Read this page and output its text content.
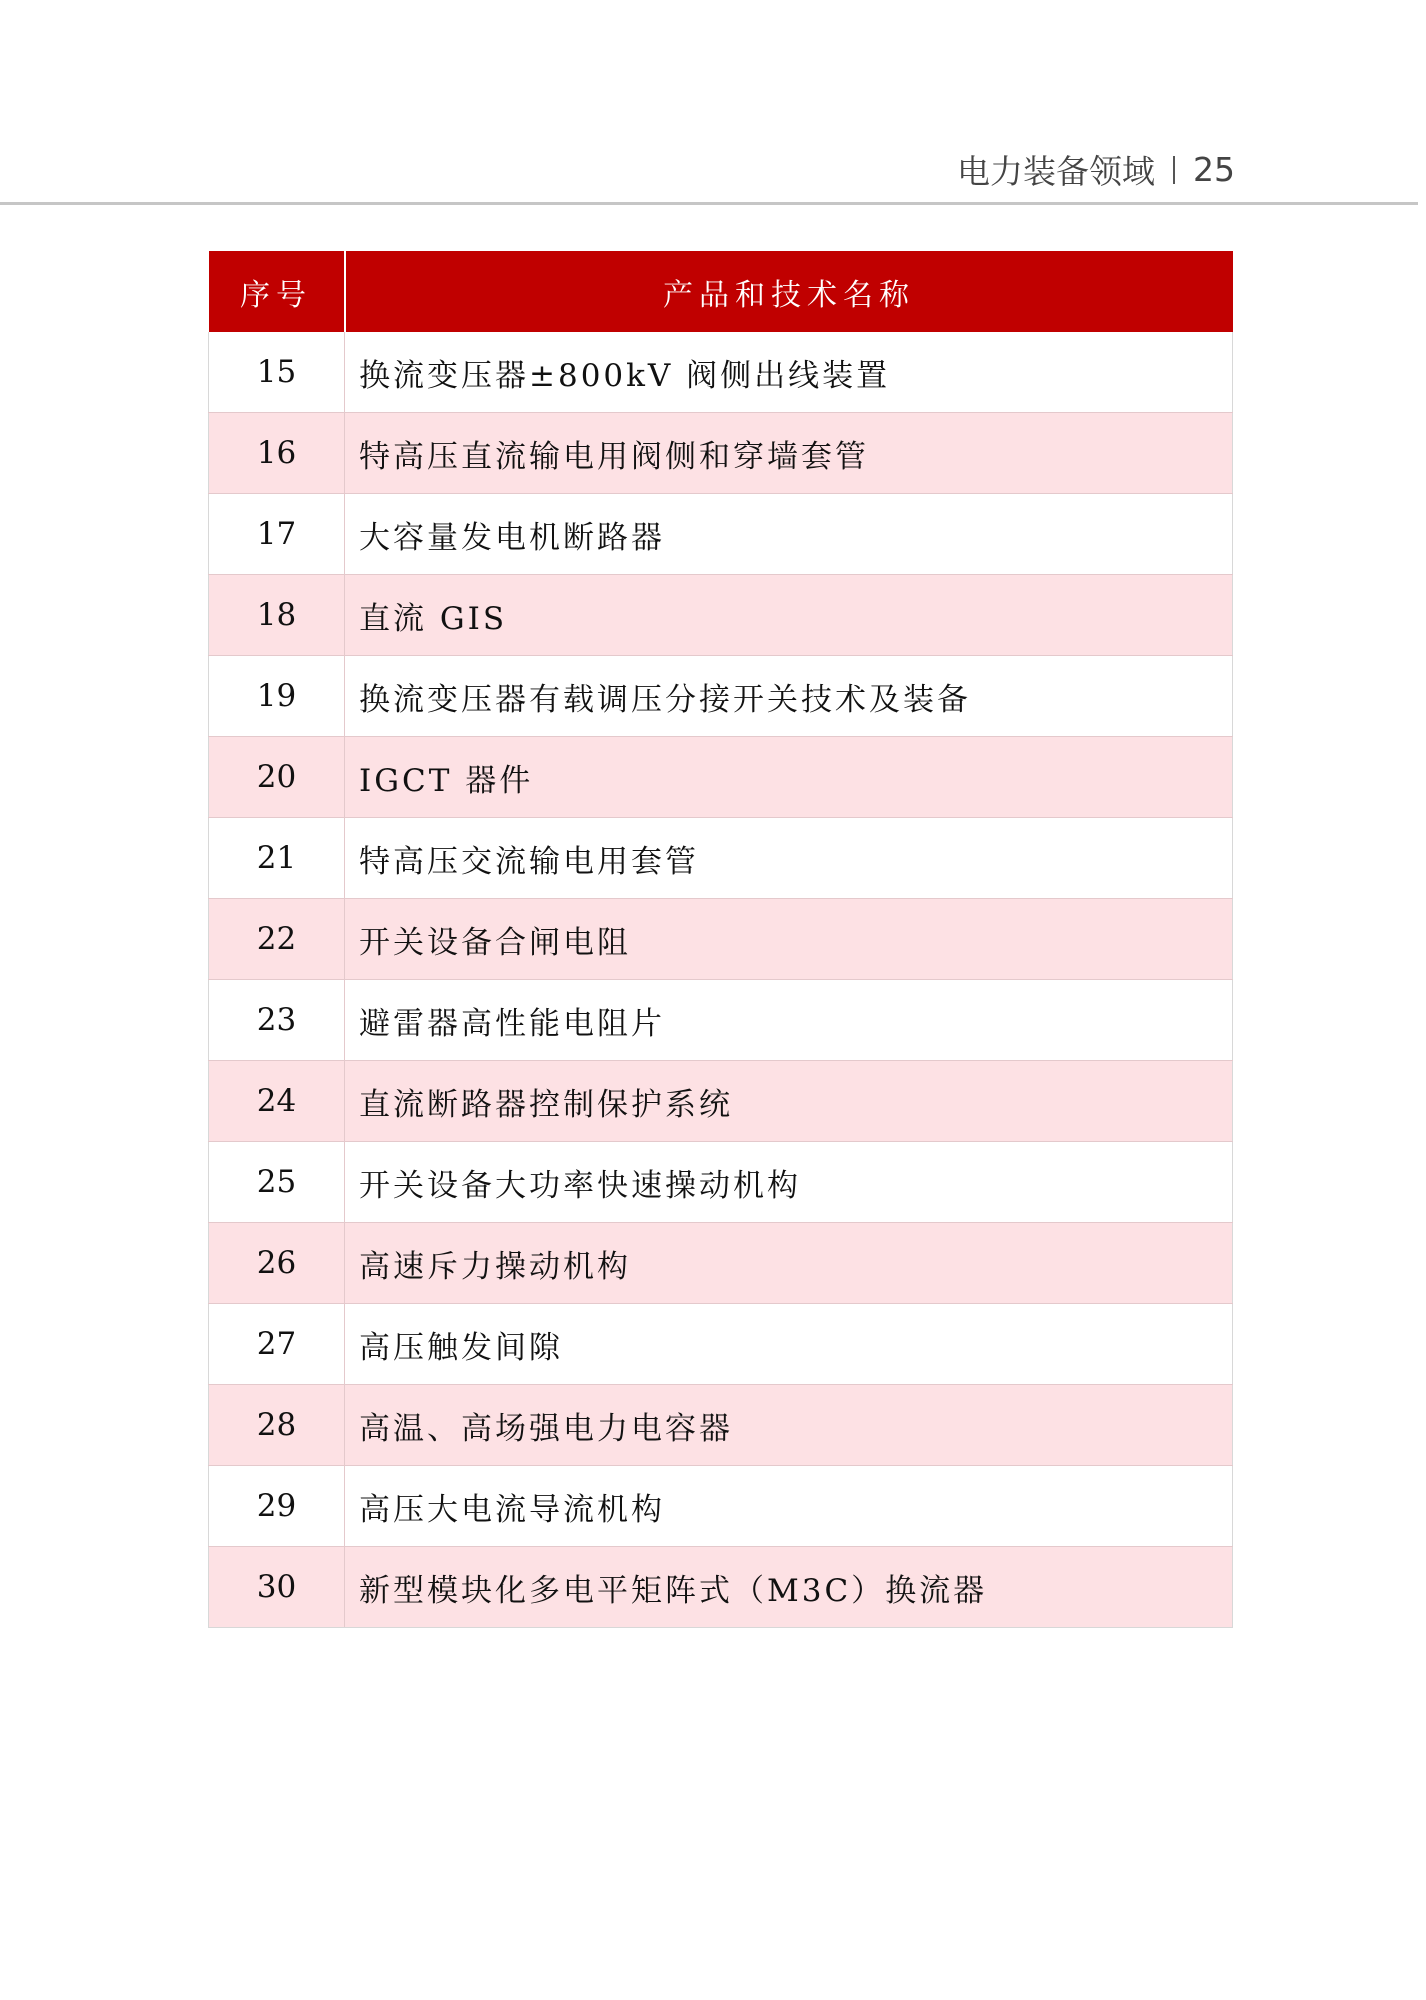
电力装备领域 25
序号	产品和技术名称
15	换流变压器±800kV 阀侧出线装置
16	特高压直流输电用阀侧和穿墙套管
17	大容量发电机断路器
18	直流 GIS
19	换流变压器有载调压分接开关技术及装备
20	IGCT 器件
21	特高压交流输电用套管
22	开关设备合闸电阻
23	避雷器高性能电阻片
24	直流断路器控制保护系统
25	开关设备大功率快速操动机构
26	高速斥力操动机构
27	高压触发间隙
28	高温、高场强电力电容器
29	高压大电流导流机构
30	新型模块化多电平矩阵式（M3C）换流器
